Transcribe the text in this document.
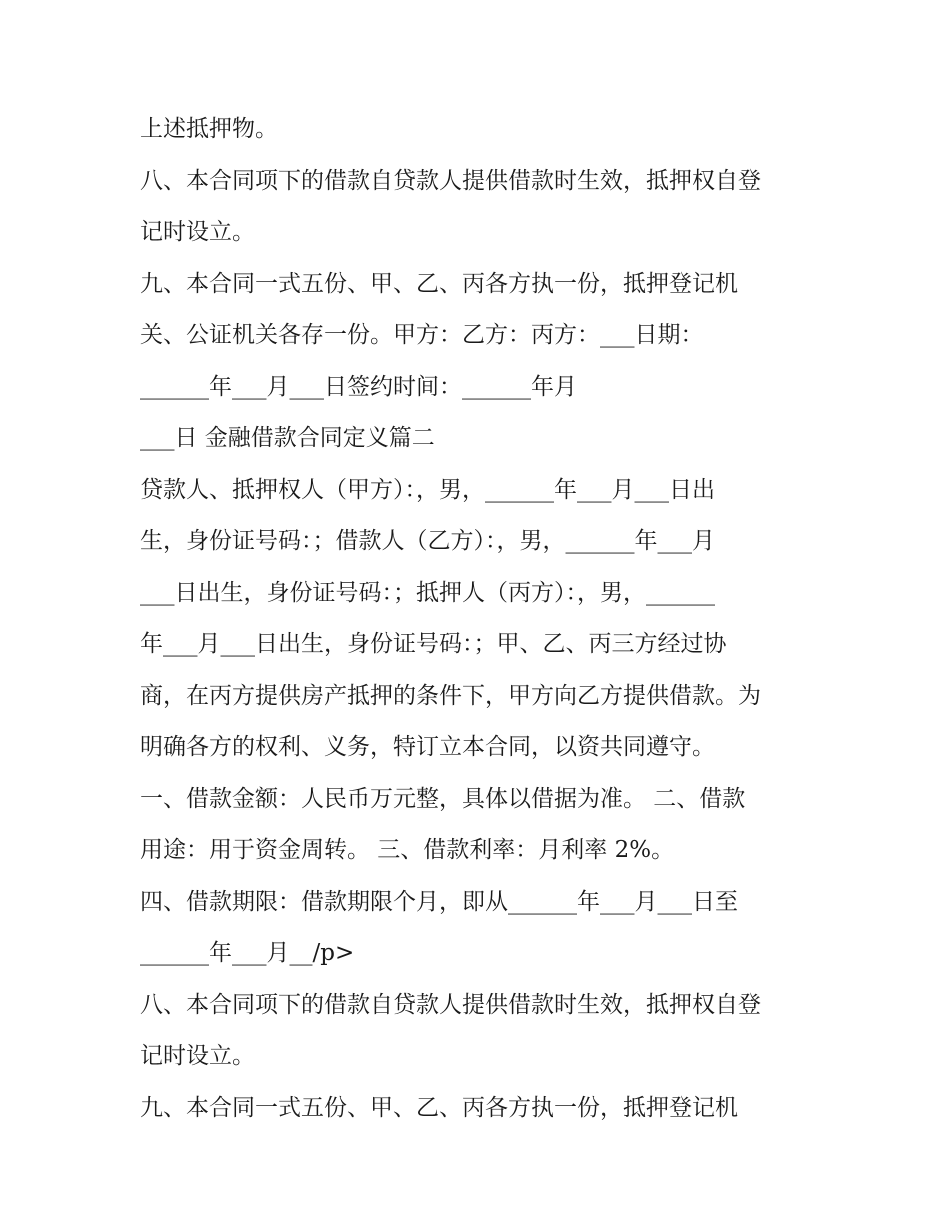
上述抵押物。

八、本合同项下的借款自贷款人提供借款时生效，抵押权自登

记时设立。

九、本合同一式五份、甲、乙、丙各方执一份，抵押登记机

关、公证机关各存一份。甲方：乙方：丙方：___日期：

______年___月___日签约时间：______年月

___日 金融借款合同定义篇二

贷款人、抵押权人（甲方）：，男，______年___月___日出

生，身份证号码：；借款人（乙方）：，男，______年___月

___日出生，身份证号码：；抵押人（丙方）：，男，______

年___月___日出生，身份证号码：；甲、乙、丙三方经过协

商，在丙方提供房产抵押的条件下，甲方向乙方提供借款。为

明确各方的权利、义务，特订立本合同，以资共同遵守。

一、借款金额：人民币万元整，具体以借据为准。 二、借款

用途：用于资金周转。 三、借款利率：月利率 2%。

四、借款期限：借款期限个月，即从______年___月___日至

______年___月__/p>

八、本合同项下的借款自贷款人提供借款时生效，抵押权自登

记时设立。

九、本合同一式五份、甲、乙、丙各方执一份，抵押登记机
